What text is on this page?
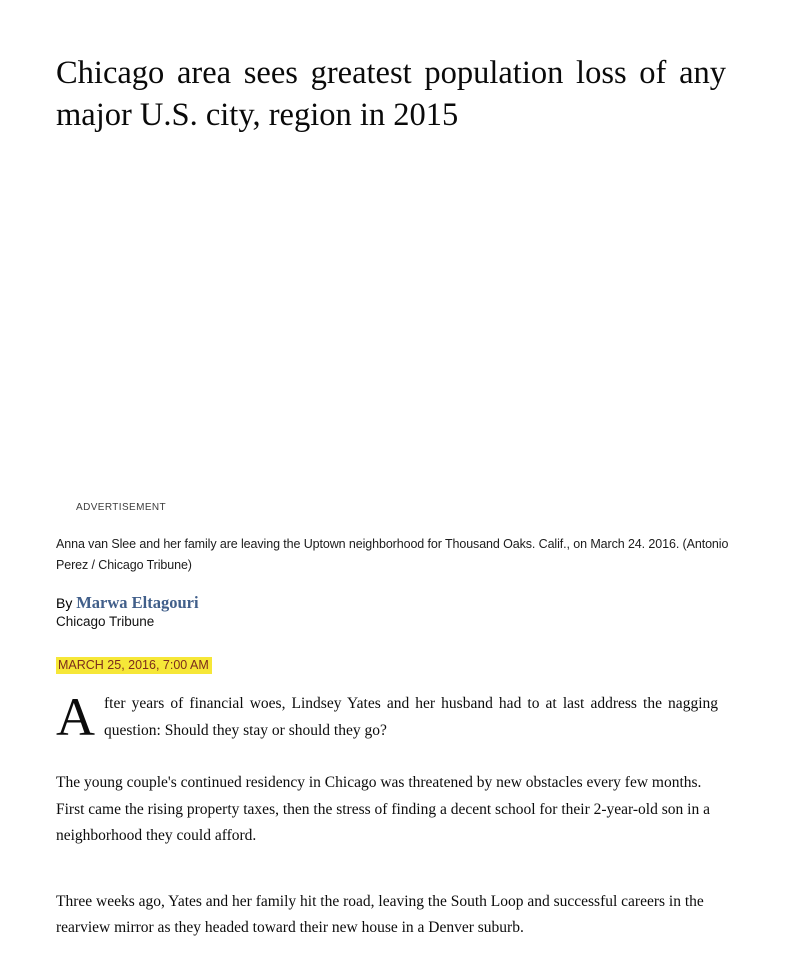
Chicago area sees greatest population loss of any major U.S. city, region in 2015
ADVERTISEMENT

Anna van Slee and her family are leaving the Uptown neighborhood for Thousand Oaks. Calif., on March 24. 2016. (Antonio Perez / Chicago Tribune)

By Marwa Eltagouri
Chicago Tribune
MARCH 25, 2016, 7:00 AM

After years of financial woes, Lindsey Yates and her husband had to at last address the nagging question: Should they stay or should they go?

The young couple's continued residency in Chicago was threatened by new obstacles every few months. First came the rising property taxes, then the stress of finding a decent school for their 2-year-old son in a neighborhood they could afford.

Three weeks ago, Yates and her family hit the road, leaving the South Loop and successful careers in the rearview mirror as they headed toward their new house in a Denver suburb.
